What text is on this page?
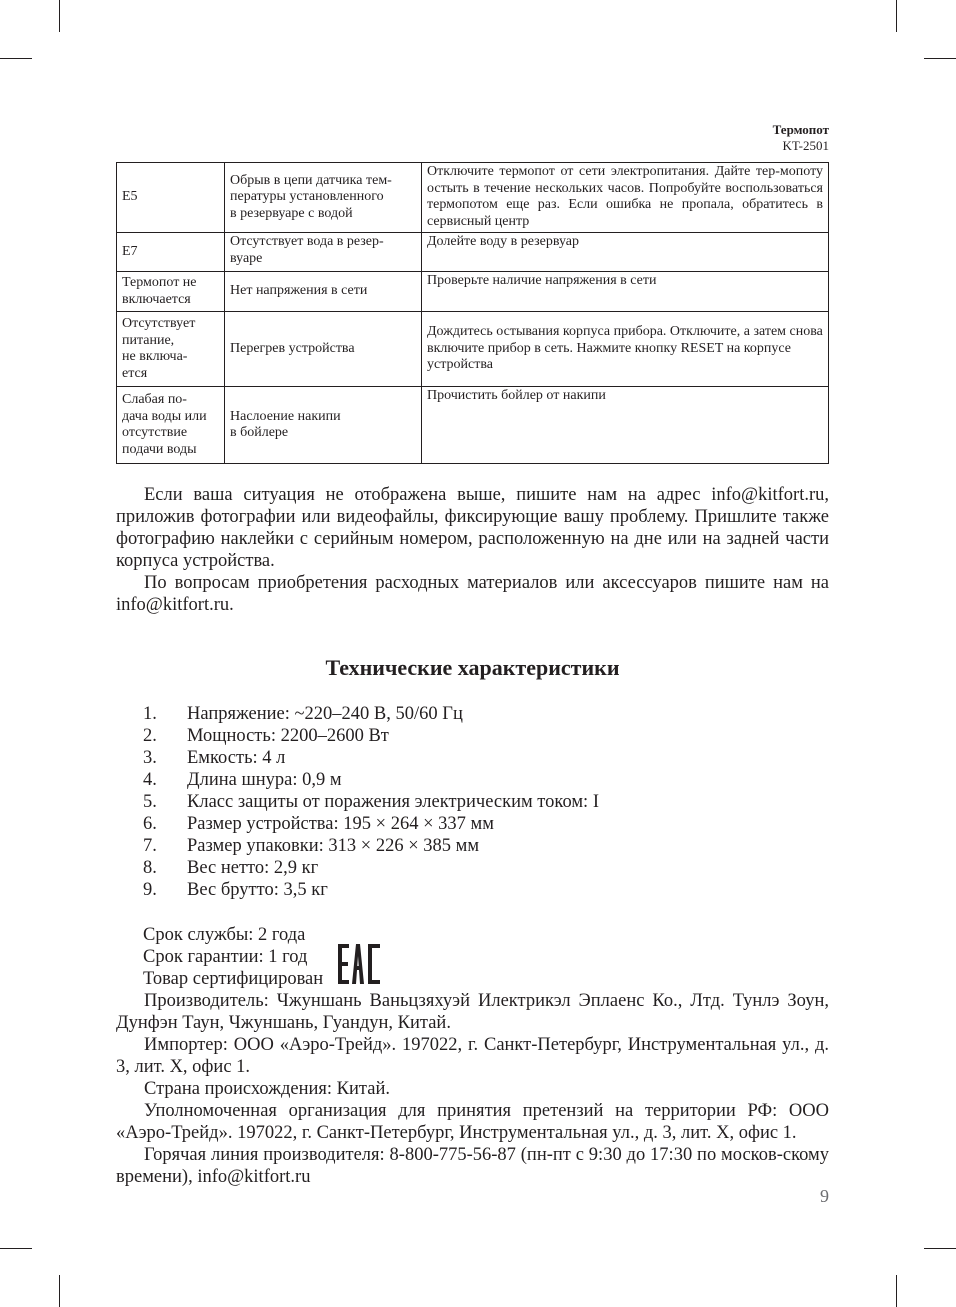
Термопот
KT-2501
E5	Обрыв в цепи датчика тем-
пературы установленного
в резервуаре с водой	Отключите термопот от сети электропитания. Дайте тер-мопоту остыть в течение нескольких часов. Попробуйте воспользоваться термопотом еще раз. Если ошибка не пропала, обратитесь в сервисный центр
E7	Отсутствует вода в резер-
вуаре	Долейте воду в резервуар
Термопот не
включается	Нет напряжения в сети	Проверьте наличие напряжения в сети
Отсутствует
питание,
не включа-
ется	Перегрев устройства	Дождитесь остывания корпуса прибора. Отключите, а затем снова включите прибор в сеть. Нажмите кнопку RESET на корпусе устройства
Слабая по-
дача воды или
отсутствие
подачи воды	Наслоение накипи
в бойлере	Прочистить бойлер от накипи

Если ваша ситуация не отображена выше, пишите нам на адрес info@kitfort.ru, приложив фотографии или видеофайлы, фиксирующие вашу проблему. Пришлите также фотографию наклейки с серийным номером, расположенную на дне или на задней части корпуса устройства.

По вопросам приобретения расходных материалов или аксессуаров пишите нам на info@kitfort.ru.

Технические характеристики
1.	Напряжение: ~220–240 В, 50/60 Гц
2.	Мощность: 2200–2600 Вт
3.	Емкость: 4 л
4.	Длина шнура: 0,9 м
5.	Класс защиты от поражения электрическим током: I
6.	Размер устройства: 195 × 264 × 337 мм
7.	Размер упаковки: 313 × 226 × 385 мм
8.	Вес нетто: 2,9 кг
9.	Вес брутто: 3,5 кг

Срок службы: 2 года

Срок гарантии: 1 год

Товар сертифицирован

Производитель: Чжуншань Ваньцзяхуэй Илектрикэл Эплаенс Ко., Лтд. Тунлэ Зоун, Дунфэн Таун, Чжуншань, Гуандун, Китай.

Импортер: ООО «Аэро-Трейд». 197022, г. Санкт-Петербург, Инструментальная ул., д. 3, лит. Х, офис 1.

Страна происхождения: Китай.

Уполномоченная организация для принятия претензий на территории РФ: ООО «Аэро-Трейд». 197022, г. Санкт-Петербург, Инструментальная ул., д. 3, лит. Х, офис 1.

Горячая линия производителя: 8-800-775-56-87 (пн-пт с 9:30 до 17:30 по москов-скому времени), info@kitfort.ru

9
